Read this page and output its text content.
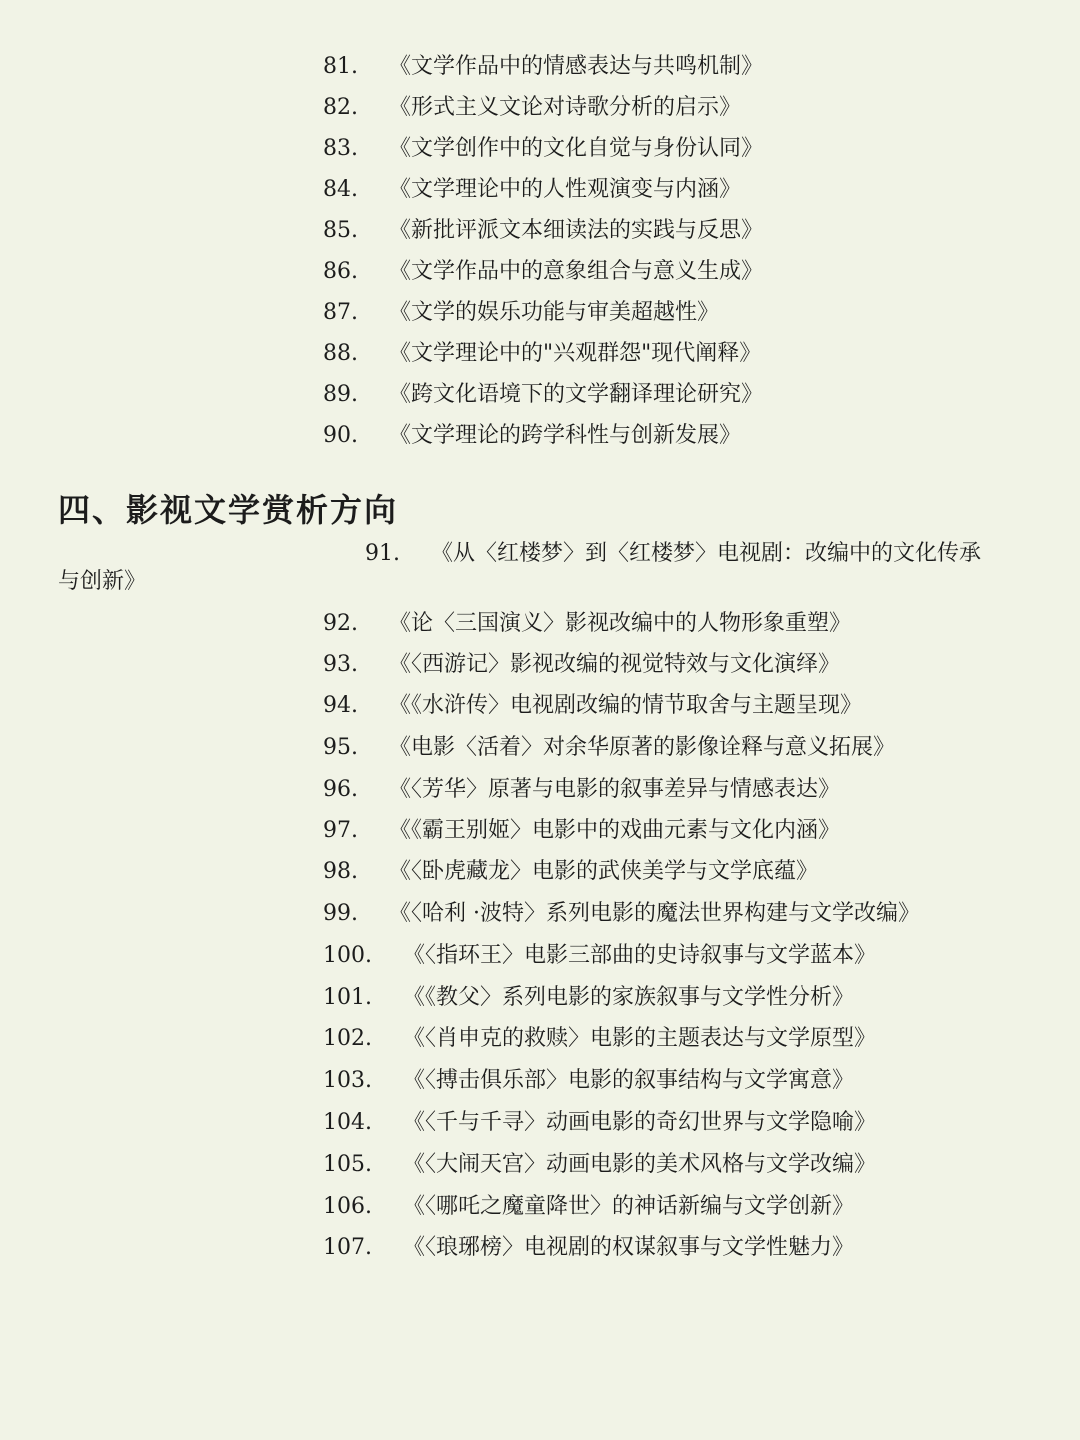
81. 《文学作品中的情感表达与共鸣机制》
82. 《形式主义文论对诗歌分析的启示》
83. 《文学创作中的文化自觉与身份认同》
84. 《文学理论中的人性观演变与内涵》
85. 《新批评派文本细读法的实践与反思》
86. 《文学作品中的意象组合与意义生成》
87. 《文学的娱乐功能与审美超越性》
88. 《文学理论中的"兴观群怨"现代阐释》
89. 《跨文化语境下的文学翻译理论研究》
90. 《文学理论的跨学科性与创新发展》
四、影视文学赏析方向
91. 《从〈红楼梦〉到〈红楼梦〉电视剧：改编中的文化传承
与创新》
92. 《论〈三国演义〉影视改编中的人物形象重塑》
93. 《〈西游记〉影视改编的视觉特效与文化演绎》
94. 《《水浒传〉电视剧改编的情节取舍与主题呈现》
95. 《电影〈活着〉对余华原著的影像诠释与意义拓展》
96. 《〈芳华〉原著与电影的叙事差异与情感表达》
97. 《《霸王别姬〉电影中的戏曲元素与文化内涵》
98. 《〈卧虎藏龙〉电影的武侠美学与文学底蕴》
99. 《〈哈利 ·波特〉系列电影的魔法世界构建与文学改编》
100. 《〈指环王〉电影三部曲的史诗叙事与文学蓝本》
101. 《《教父〉系列电影的家族叙事与文学性分析》
102. 《〈肖申克的救赎〉电影的主题表达与文学原型》
103. 《〈搏击俱乐部〉电影的叙事结构与文学寓意》
104. 《〈千与千寻〉动画电影的奇幻世界与文学隐喻》
105. 《〈大闹天宫〉动画电影的美术风格与文学改编》
106. 《〈哪吒之魔童降世〉的神话新编与文学创新》
107. 《〈琅琊榜〉电视剧的权谋叙事与文学性魅力》
